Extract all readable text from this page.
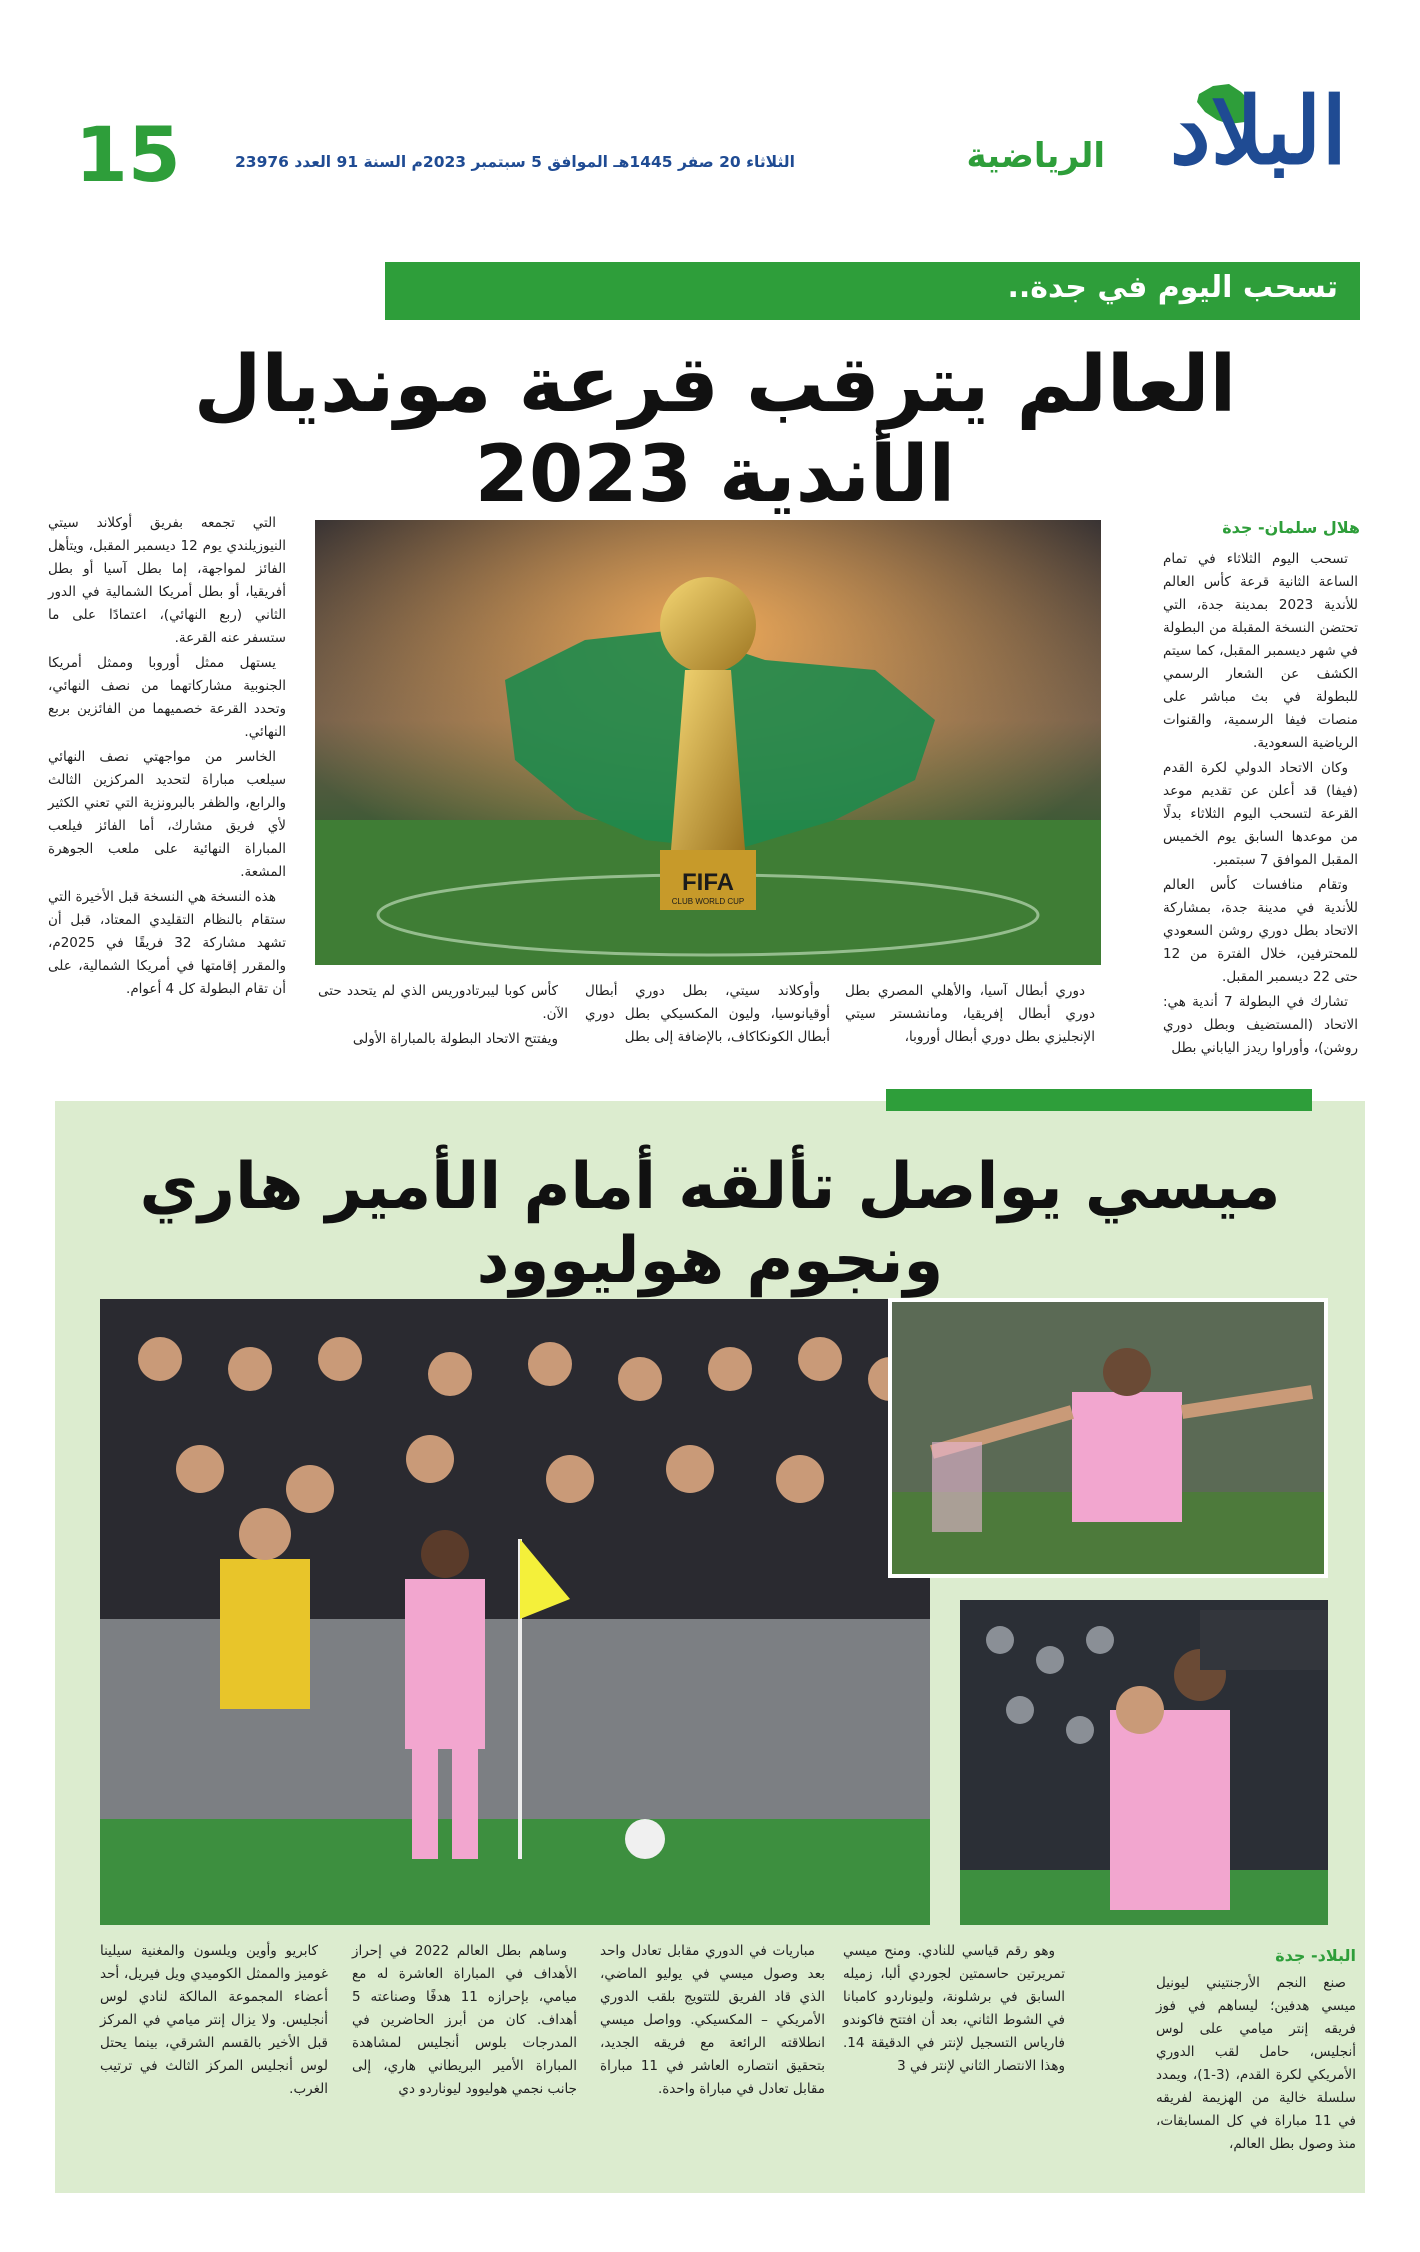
15	الثلاثاء 20 صفر 1445هـ الموافق 5 سبتمبر 2023م السنة 91 العدد 23976	الرياضية البلاد
تسحب اليوم في جدة..
العالم يترقب قرعة مونديال الأندية 2023
هلال سلمان- جدة

تسحب اليوم الثلاثاء في تمام الساعة الثانية قرعة كأس العالم للأندية 2023 بمدينة جدة، التي تحتضن النسخة المقبلة من البطولة في شهر ديسمبر المقبل، كما سيتم الكشف عن الشعار الرسمي للبطولة في بث مباشر على منصات فيفا الرسمية، والقنوات الرياضية السعودية.

وكان الاتحاد الدولي لكرة القدم (فيفا) قد أعلن عن تقديم موعد القرعة لتسحب اليوم الثلاثاء بدلًا من موعدها السابق يوم الخميس المقبل الموافق 7 سبتمبر.

وتقام منافسات كأس العالم للأندية في مدينة جدة، بمشاركة الاتحاد بطل دوري روشن السعودي للمحترفين، خلال الفترة من 12 حتى 22 ديسمبر المقبل.

تشارك في البطولة 7 أندية هي: الاتحاد (المستضيف وبطل دوري روشن)، وأوراوا ريدز الياباني بطل

التي تجمعه بفريق أوكلاند سيتي النيوزيلندي يوم 12 ديسمبر المقبل، ويتأهل الفائز لمواجهة، إما بطل آسيا أو بطل أفريقيا، أو بطل أمريكا الشمالية في الدور الثاني (ربع النهائي)، اعتمادًا على ما ستسفر عنه القرعة.

يستهل ممثل أوروبا وممثل أمريكا الجنوبية مشاركاتهما من نصف النهائي، وتحدد القرعة خصميهما من الفائزين بربع النهائي.

الخاسر من مواجهتي نصف النهائي سيلعب مباراة لتحديد المركزين الثالث والرابع، والظفر بالبرونزية التي تعني الكثير لأي فريق مشارك، أما الفائز فيلعب المباراة النهائية على ملعب الجوهرة المشعة.

هذه النسخة هي النسخة قبل الأخيرة التي ستقام بالنظام التقليدي المعتاد، قبل أن تشهد مشاركة 32 فريقًا في 2025م، والمقرر إقامتها في أمريكا الشمالية، على أن تقام البطولة كل 4 أعوام.

FIFA
CLUB WORLD CUP

دوري أبطال آسيا، والأهلي المصري بطل دوري أبطال إفريقيا، ومانشستر سيتي الإنجليزي بطل دوري أبطال أوروبا،

وأوكلاند سيتي، بطل دوري أبطال أوقيانوسيا، وليون المكسيكي بطل دوري أبطال الكونكاكاف، بالإضافة إلى بطل

كأس كوبا ليبرتادوريس الذي لم يتحدد حتى الآن.

ويفتتح الاتحاد البطولة بالمباراة الأولى

ميسي يواصل تألقه أمام الأمير هاري ونجوم هوليوود
البلاد- جدة

صنع النجم الأرجنتيني ليونيل ميسي هدفين؛ ليساهم في فوز فريقه إنتر ميامي على لوس أنجليس، حامل لقب الدوري الأمريكي لكرة القدم، (3-1)، ويمدد سلسلة خالية من الهزيمة لفريقه في 11 مباراة في كل المسابقات، منذ وصول بطل العالم،

وهو رقم قياسي للنادي. ومنح ميسي تمريرتين حاسمتين لجوردي ألبا، زميله السابق في برشلونة، وليوناردو كامبانا في الشوط الثاني، بعد أن افتتح فاكوندو فارياس التسجيل لإنتر في الدقيقة 14. وهذا الانتصار الثاني لإنتر في 3

مباريات في الدوري مقابل تعادل واحد بعد وصول ميسي في يوليو الماضي، الذي قاد الفريق للتتويج بلقب الدوري الأمريكي – المكسيكي. وواصل ميسي انطلاقته الرائعة مع فريقه الجديد، بتحقيق انتصاره العاشر في 11 مباراة مقابل تعادل في مباراة واحدة.

وساهم بطل العالم 2022 في إحراز الأهداف في المباراة العاشرة له مع ميامي، بإحرازه 11 هدفًا وصناعته 5 أهداف. كان من أبرز الحاضرين في المدرجات بلوس أنجليس لمشاهدة المباراة الأمير البريطاني هاري، إلى جانب نجمي هوليوود ليوناردو دي

كابريو وأوين ويلسون والمغنية سيلينا غوميز والممثل الكوميدي ويل فيريل، أحد أعضاء المجموعة المالكة لنادي لوس أنجليس. ولا يزال إنتر ميامي في المركز قبل الأخير بالقسم الشرقي، بينما يحتل لوس أنجليس المركز الثالث في ترتيب الغرب.
